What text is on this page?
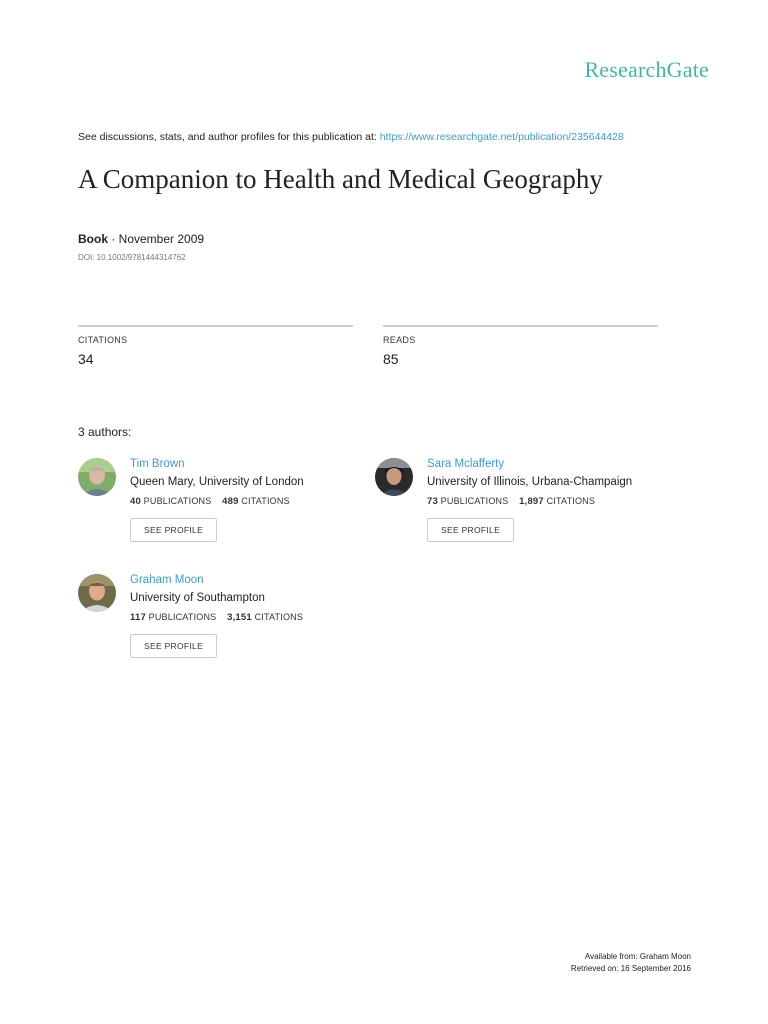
ResearchGate
See discussions, stats, and author profiles for this publication at: https://www.researchgate.net/publication/235644428
A Companion to Health and Medical Geography
Book · November 2009
DOI: 10.1002/9781444314762
CITATIONS
34
READS
85
3 authors:
Tim Brown
Queen Mary, University of London
40 PUBLICATIONS 489 CITATIONS
SEE PROFILE
Sara Mclafferty
University of Illinois, Urbana-Champaign
73 PUBLICATIONS 1,897 CITATIONS
SEE PROFILE
Graham Moon
University of Southampton
117 PUBLICATIONS 3,151 CITATIONS
SEE PROFILE
Available from: Graham Moon
Retrieved on: 16 September 2016
